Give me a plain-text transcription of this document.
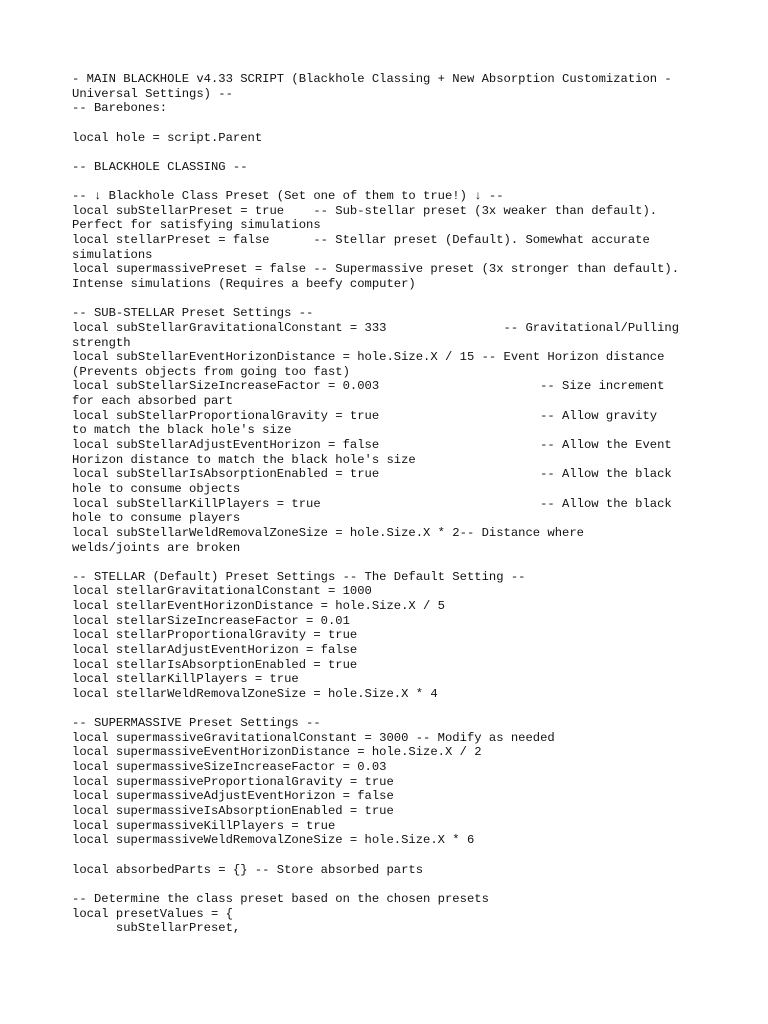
- MAIN BLACKHOLE v4.33 SCRIPT (Blackhole Classing + New Absorption Customization -
Universal Settings) --
-- Barebones:
local hole = script.Parent
-- BLACKHOLE CLASSING --
-- ↓ Blackhole Class Preset (Set one of them to true!) ↓ --
local subStellarPreset = true    -- Sub-stellar preset (3x weaker than default).
Perfect for satisfying simulations
local stellarPreset = false      -- Stellar preset (Default). Somewhat accurate
simulations
local supermassivePreset = false -- Supermassive preset (3x stronger than default).
Intense simulations (Requires a beefy computer)
-- SUB-STELLAR Preset Settings --
local subStellarGravitationalConstant = 333                -- Gravitational/Pulling
strength
local subStellarEventHorizonDistance = hole.Size.X / 15 -- Event Horizon distance
(Prevents objects from going too fast)
local subStellarSizeIncreaseFactor = 0.003                      -- Size increment
for each absorbed part
local subStellarProportionalGravity = true                      -- Allow gravity
to match the black hole's size
local subStellarAdjustEventHorizon = false                      -- Allow the Event
Horizon distance to match the black hole's size
local subStellarIsAbsorptionEnabled = true                      -- Allow the black
hole to consume objects
local subStellarKillPlayers = true                              -- Allow the black
hole to consume players
local subStellarWeldRemovalZoneSize = hole.Size.X * 2-- Distance where
welds/joints are broken
-- STELLAR (Default) Preset Settings -- The Default Setting --
local stellarGravitationalConstant = 1000
local stellarEventHorizonDistance = hole.Size.X / 5
local stellarSizeIncreaseFactor = 0.01
local stellarProportionalGravity = true
local stellarAdjustEventHorizon = false
local stellarIsAbsorptionEnabled = true
local stellarKillPlayers = true
local stellarWeldRemovalZoneSize = hole.Size.X * 4
-- SUPERMASSIVE Preset Settings --
local supermassiveGravitationalConstant = 3000 -- Modify as needed
local supermassiveEventHorizonDistance = hole.Size.X / 2
local supermassiveSizeIncreaseFactor = 0.03
local supermassiveProportionalGravity = true
local supermassiveAdjustEventHorizon = false
local supermassiveIsAbsorptionEnabled = true
local supermassiveKillPlayers = true
local supermassiveWeldRemovalZoneSize = hole.Size.X * 6
local absorbedParts = {} -- Store absorbed parts
-- Determine the class preset based on the chosen presets
local presetValues = {
subStellarPreset,
